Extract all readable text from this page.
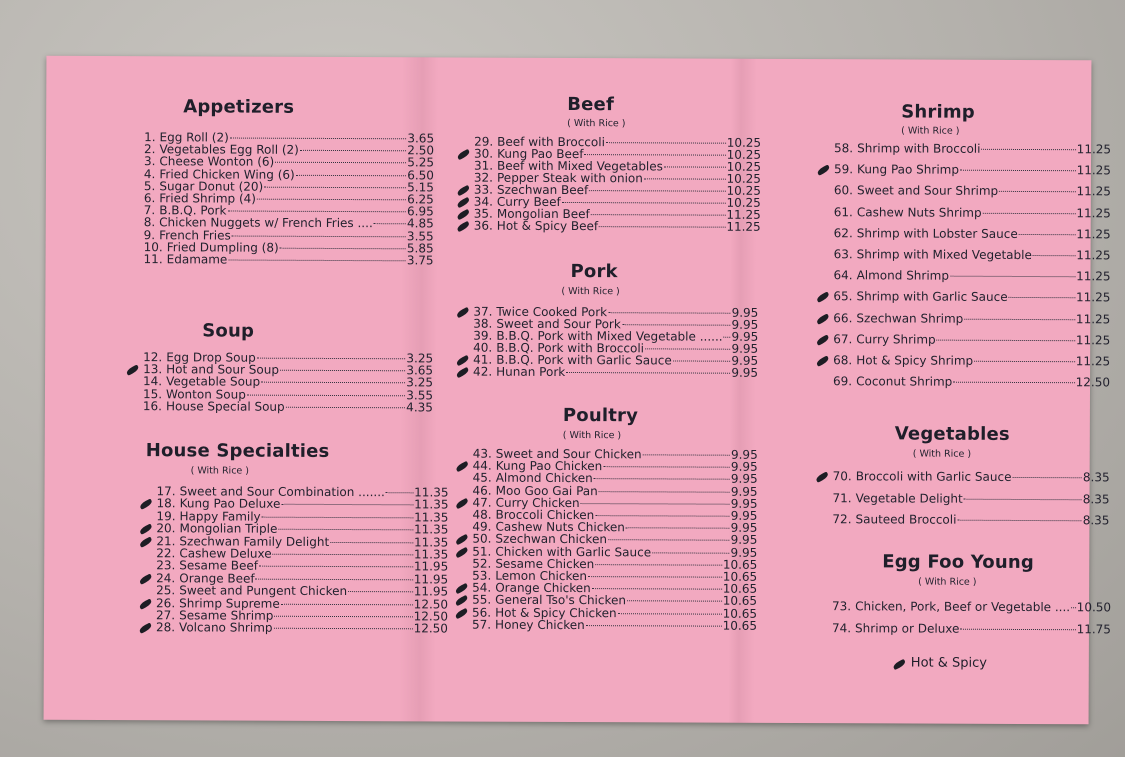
Appetizers
1. Egg Roll (2)	3.65
2. Vegetables Egg Roll (2)	2.50
3. Cheese Wonton (6)	5.25
4. Fried Chicken Wing (6)	6.50
5. Sugar Donut (20)	5.15
6. Fried Shrimp (4)	6.25
7. B.B.Q. Pork	6.95
8. Chicken Nuggets w/ French Fries ....	4.85
9. French Fries	3.55
10. Fried Dumpling (8)	5.85
11. Edamame	3.75
Soup
12. Egg Drop Soup	3.25
13. Hot and Sour Soup	3.65
14. Vegetable Soup	3.25
15. Wonton Soup	3.55
16. House Special Soup	4.35
House Specialties
( With Rice )
17. Sweet and Sour Combination ....... 11.35
18. Kung Pao Deluxe	11.35
19. Happy Family	11.35
20. Mongolian Triple	11.35
21. Szechwan Family Delight	11.35
22. Cashew Deluxe	11.35
23. Sesame Beef	11.95
24. Orange Beef	11.95
25. Sweet and Pungent Chicken	11.95
26. Shrimp Supreme	12.50
27. Sesame Shrimp	12.50
28. Volcano Shrimp	12.50
Beef
( With Rice )
29. Beef with Broccoli	10.25
30. Kung Pao Beef	10.25
31. Beef with Mixed Vegetables	10.25
32. Pepper Steak with onion	10.25
33. Szechwan Beef	10.25
34. Curry Beef	10.25
35. Mongolian Beef	11.25
36. Hot & Spicy Beef	11.25
Pork
( With Rice )
37. Twice Cooked Pork	9.95
38. Sweet and Sour Pork	9.95
39. B.B.Q. Pork with Mixed Vegetable ...... 9.95
40. B.B.Q. Pork with Broccoli	9.95
41. B.B.Q. Pork with Garlic Sauce	9.95
42. Hunan Pork	9.95
Poultry
( With Rice )
43. Sweet and Sour Chicken	9.95
44. Kung Pao Chicken	9.95
45. Almond Chicken	9.95
46. Moo Goo Gai Pan	9.95
47. Curry Chicken	9.95
48. Broccoli Chicken	9.95
49. Cashew Nuts Chicken	9.95
50. Szechwan Chicken	9.95
51. Chicken with Garlic Sauce	9.95
52. Sesame Chicken	10.65
53. Lemon Chicken	10.65
54. Orange Chicken	10.65
55. General Tso's Chicken	10.65
56. Hot & Spicy Chicken	10.65
57. Honey Chicken	10.65
Shrimp
( With Rice )
58. Shrimp with Broccoli	11.25
59. Kung Pao Shrimp	11.25
60. Sweet and Sour Shrimp	11.25
61. Cashew Nuts Shrimp	11.25
62. Shrimp with Lobster Sauce	11.25
63. Shrimp with Mixed Vegetable	11.25
64. Almond Shrimp	11.25
65. Shrimp with Garlic Sauce	11.25
66. Szechwan Shrimp	11.25
67. Curry Shrimp	11.25
68. Hot & Spicy Shrimp	11.25
69. Coconut Shrimp	12.50
Vegetables
( With Rice )
70. Broccoli with Garlic Sauce	8.35
71. Vegetable Delight	8.35
72. Sauteed Broccoli	8.35
Egg Foo Young
( With Rice )
73. Chicken, Pork, Beef or Vegetable .... 10.50
74. Shrimp or Deluxe	11.75
Hot & Spicy
